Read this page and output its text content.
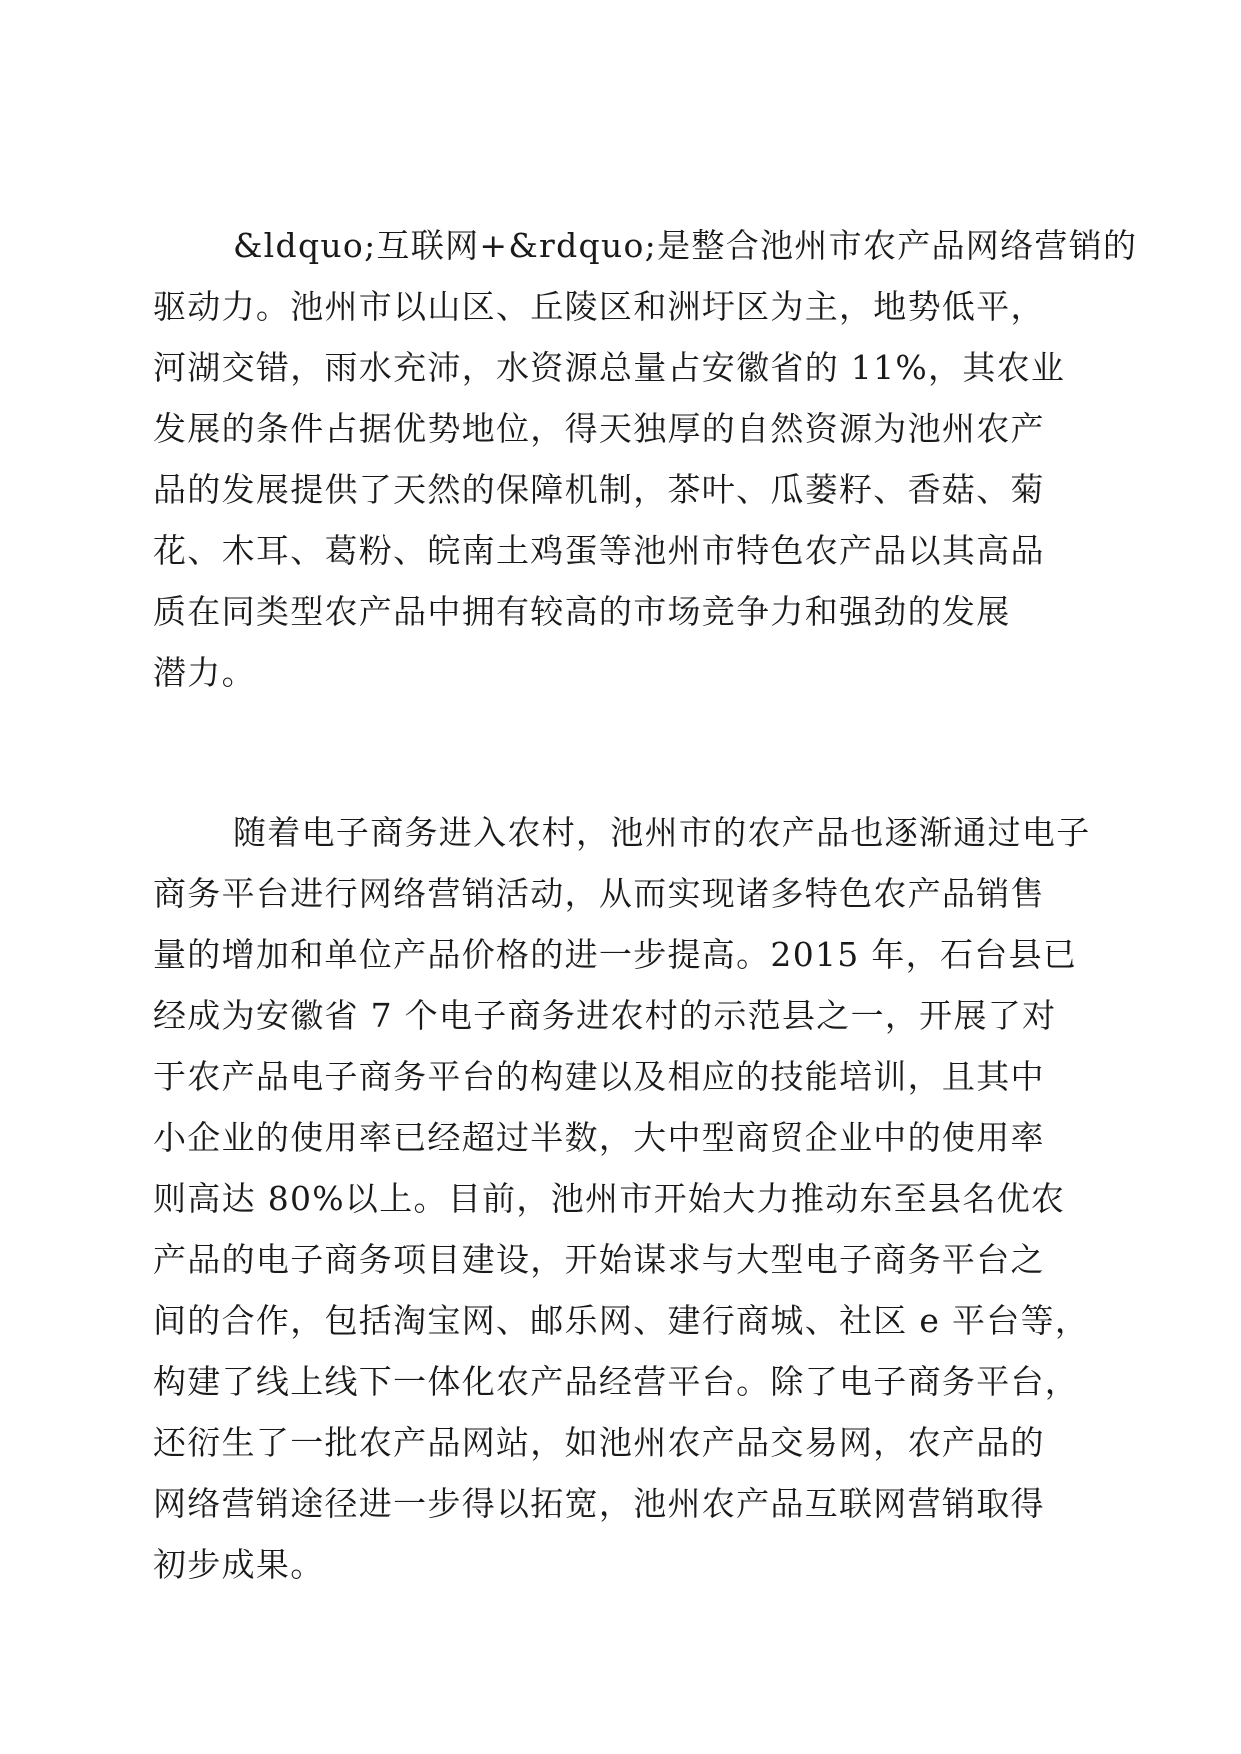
&ldquo;互联网+&rdquo;是整合池州市农产品网络营销的
驱动力。池州市以山区、丘陵区和洲圩区为主，地势低平，
河湖交错，雨水充沛，水资源总量占安徽省的 11%，其农业
发展的条件占据优势地位，得天独厚的自然资源为池州农产
品的发展提供了天然的保障机制，茶叶、瓜蒌籽、香菇、菊
花、木耳、葛粉、皖南土鸡蛋等池州市特色农产品以其高品
质在同类型农产品中拥有较高的市场竞争力和强劲的发展
潜力。

随着电子商务进入农村，池州市的农产品也逐渐通过电子
商务平台进行网络营销活动，从而实现诸多特色农产品销售
量的增加和单位产品价格的进一步提高。2015 年，石台县已
经成为安徽省 7 个电子商务进农村的示范县之一，开展了对
于农产品电子商务平台的构建以及相应的技能培训，且其中
小企业的使用率已经超过半数，大中型商贸企业中的使用率
则高达 80%以上。目前，池州市开始大力推动东至县名优农
产品的电子商务项目建设，开始谋求与大型电子商务平台之
间的合作，包括淘宝网、邮乐网、建行商城、社区 e 平台等，
构建了线上线下一体化农产品经营平台。除了电子商务平台，
还衍生了一批农产品网站，如池州农产品交易网，农产品的
网络营销途径进一步得以拓宽，池州农产品互联网营销取得
初步成果。
